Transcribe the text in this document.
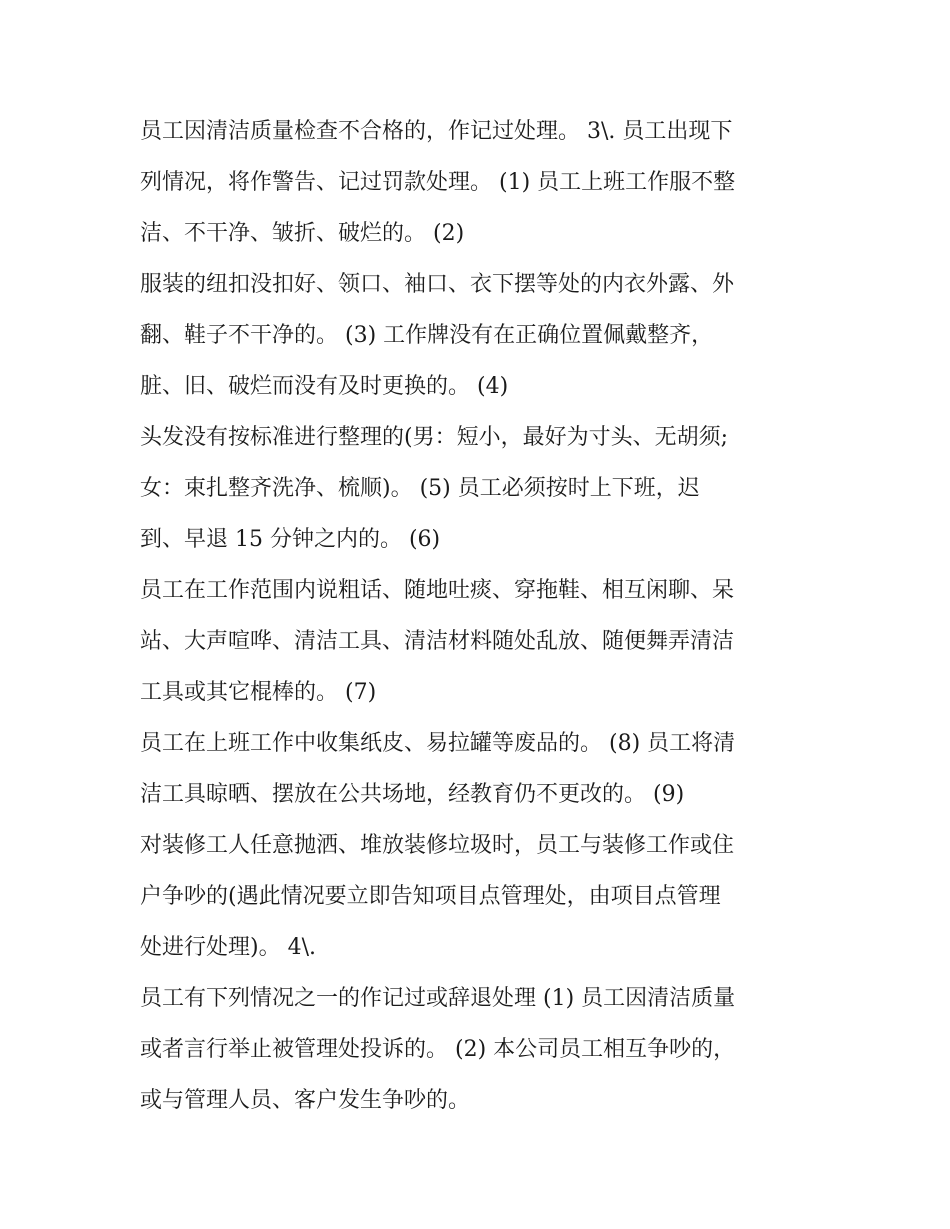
员工因清洁质量检查不合格的，作记过处理。 3\. 员工出现下
列情况，将作警告、记过罚款处理。 (1) 员工上班工作服不整
洁、不干净、皱折、破烂的。 (2)
服装的纽扣没扣好、领口、袖口、衣下摆等处的内衣外露、外
翻、鞋子不干净的。 (3) 工作牌没有在正确位置佩戴整齐，
脏、旧、破烂而没有及时更换的。 (4)
头发没有按标准进行整理的(男：短小，最好为寸头、无胡须;
女：束扎整齐洗净、梳顺)。 (5) 员工必须按时上下班，迟
到、早退 15 分钟之内的。 (6)
员工在工作范围内说粗话、随地吐痰、穿拖鞋、相互闲聊、呆
站、大声喧哗、清洁工具、清洁材料随处乱放、随便舞弄清洁
工具或其它棍棒的。 (7)
员工在上班工作中收集纸皮、易拉罐等废品的。 (8) 员工将清
洁工具晾晒、摆放在公共场地，经教育仍不更改的。 (9)
对装修工人任意抛洒、堆放装修垃圾时，员工与装修工作或住
户争吵的(遇此情况要立即告知项目点管理处，由项目点管理
处进行处理)。 4\.
员工有下列情况之一的作记过或辞退处理 (1) 员工因清洁质量
或者言行举止被管理处投诉的。 (2) 本公司员工相互争吵的，
或与管理人员、客户发生争吵的。
